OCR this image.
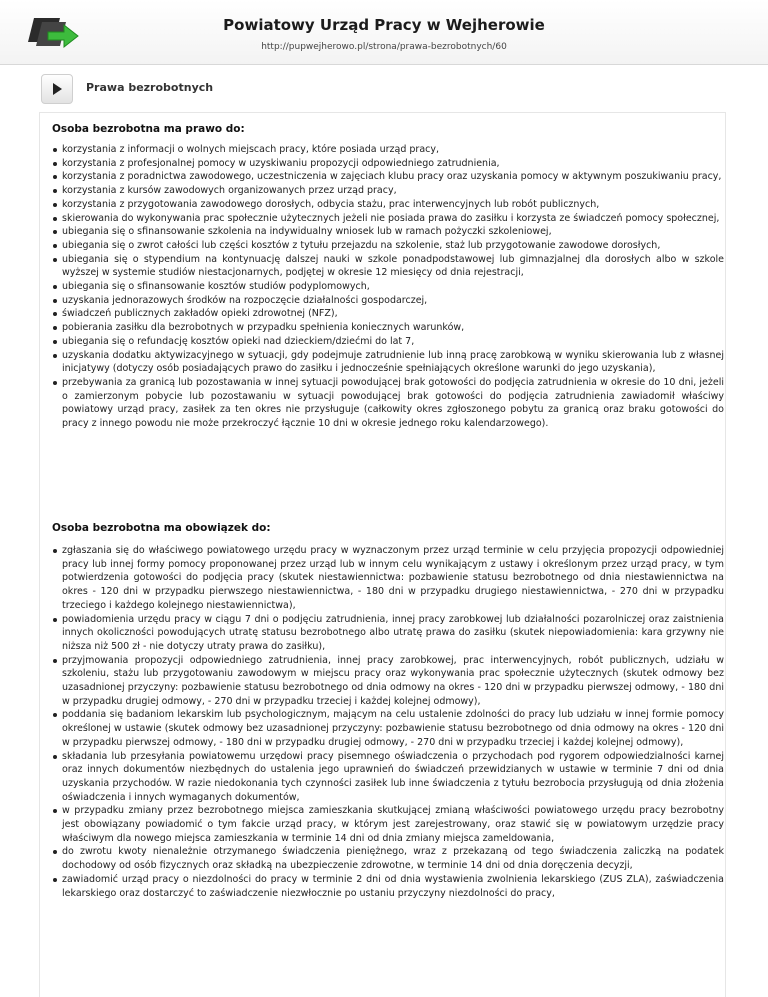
Powiatowy Urząd Pracy w Wejherowie
http://pupwejherowo.pl/strona/prawa-bezrobotnych/60
Prawa bezrobotnych
Osoba bezrobotna ma prawo do:
korzystania z informacji o wolnych miejscach pracy, które posiada urząd pracy,
korzystania z profesjonalnej pomocy w uzyskiwaniu propozycji odpowiedniego zatrudnienia,
korzystania z poradnictwa zawodowego, uczestniczenia w zajęciach klubu pracy oraz uzyskania pomocy w aktywnym poszukiwaniu pracy,
korzystania z kursów zawodowych organizowanych przez urząd pracy,
korzystania z przygotowania zawodowego dorosłych, odbycia stażu, prac interwencyjnych lub robót publicznych,
skierowania do wykonywania prac społecznie użytecznych jeżeli nie posiada prawa do zasiłku i korzysta ze świadczeń pomocy społecznej,
ubiegania się o sfinansowanie szkolenia na indywidualny wniosek lub w ramach pożyczki szkoleniowej,
ubiegania się o zwrot całości lub części kosztów z tytułu przejazdu na szkolenie, staż lub przygotowanie zawodowe dorosłych,
ubiegania się o stypendium na kontynuację dalszej nauki w szkole ponadpodstawowej lub gimnazjalnej dla dorosłych albo w szkole wyższej w systemie studiów niestacjonarnych, podjętej w okresie 12 miesięcy od dnia rejestracji,
ubiegania się o sfinansowanie kosztów studiów podyplomowych,
uzyskania jednorazowych środków na rozpoczęcie działalności gospodarczej,
świadczeń publicznych zakładów opieki zdrowotnej (NFZ),
pobierania zasiłku dla bezrobotnych w przypadku spełnienia koniecznych warunków,
ubiegania się o refundację kosztów opieki nad dzieckiem/dziećmi do lat 7,
uzyskania dodatku aktywizacyjnego w sytuacji, gdy podejmuje zatrudnienie lub inną pracę zarobkową w wyniku skierowania lub z własnej inicjatywy (dotyczy osób posiadających prawo do zasiłku i jednocześnie spełniających określone warunki do jego uzyskania),
przebywania za granicą lub pozostawania w innej sytuacji powodującej brak gotowości do podjęcia zatrudnienia w okresie do 10 dni, jeżeli o zamierzonym pobycie lub pozostawaniu w sytuacji powodującej brak gotowości do podjęcia zatrudnienia zawiadomił właściwy powiatowy urząd pracy, zasiłek za ten okres nie przysługuje (całkowity okres zgłoszonego pobytu za granicą oraz braku gotowości do pracy z innego powodu nie może przekroczyć łącznie 10 dni w okresie jednego roku kalendarzowego).
Osoba bezrobotna ma obowiązek do:
zgłaszania się do właściwego powiatowego urzędu pracy w wyznaczonym przez urząd terminie w celu przyjęcia propozycji odpowiedniej pracy lub innej formy pomocy proponowanej przez urząd lub w innym celu wynikającym z ustawy i określonym przez urząd pracy, w tym potwierdzenia gotowości do podjęcia pracy (skutek niestawiennictwa: pozbawienie statusu bezrobotnego od dnia niestawiennictwa na okres - 120 dni w przypadku pierwszego niestawiennictwa, - 180 dni w przypadku drugiego niestawiennictwa, - 270 dni w przypadku trzeciego i każdego kolejnego niestawiennictwa),
powiadomienia urzędu pracy w ciągu 7 dni o podjęciu zatrudnienia, innej pracy zarobkowej lub działalności pozarolniczej oraz zaistnienia innych okoliczności powodujących utratę statusu bezrobotnego albo utratę prawa do zasiłku (skutek niepowiadomienia: kara grzywny nie niższa niż 500 zł - nie dotyczy utraty prawa do zasiłku),
przyjmowania propozycji odpowiedniego zatrudnienia, innej pracy zarobkowej, prac interwencyjnych, robót publicznych, udziału w szkoleniu, stażu lub przygotowaniu zawodowym w miejscu pracy oraz wykonywania prac społecznie użytecznych (skutek odmowy bez uzasadnionej przyczyny: pozbawienie statusu bezrobotnego od dnia odmowy na okres - 120 dni w przypadku pierwszej odmowy, - 180 dni w przypadku drugiej odmowy, - 270 dni w przypadku trzeciej i każdej kolejnej odmowy),
poddania się badaniom lekarskim lub psychologicznym, mającym na celu ustalenie zdolności do pracy lub udziału w innej formie pomocy określonej w ustawie (skutek odmowy bez uzasadnionej przyczyny: pozbawienie statusu bezrobotnego od dnia odmowy na okres - 120 dni w przypadku pierwszej odmowy, - 180 dni w przypadku drugiej odmowy, - 270 dni w przypadku trzeciej i każdej kolejnej odmowy),
składania lub przesyłania powiatowemu urzędowi pracy pisemnego oświadczenia o przychodach pod rygorem odpowiedzialności karnej oraz innych dokumentów niezbędnych do ustalenia jego uprawnień do świadczeń przewidzianych w ustawie w terminie 7 dni od dnia uzyskania przychodów. W razie niedokonania tych czynności zasiłek lub inne świadczenia z tytułu bezrobocia przysługują od dnia złożenia oświadczenia i innych wymaganych dokumentów,
w przypadku zmiany przez bezrobotnego miejsca zamieszkania skutkującej zmianą właściwości powiatowego urzędu pracy bezrobotny jest obowiązany powiadomić o tym fakcie urząd pracy, w którym jest zarejestrowany, oraz stawić się w powiatowym urzędzie pracy właściwym dla nowego miejsca zamieszkania w terminie 14 dni od dnia zmiany miejsca zameldowania,
do zwrotu kwoty nienależnie otrzymanego świadczenia pieniężnego, wraz z przekazaną od tego świadczenia zaliczką na podatek dochodowy od osób fizycznych oraz składką na ubezpieczenie zdrowotne, w terminie 14 dni od dnia doręczenia decyzji,
zawiadomić urząd pracy o niezdolności do pracy w terminie 2 dni od dnia wystawienia zwolnienia lekarskiego (ZUS ZLA), zaświadczenia lekarskiego oraz dostarczyć to zaświadczenie niezwłocznie po ustaniu przyczyny niezdolności do pracy,
